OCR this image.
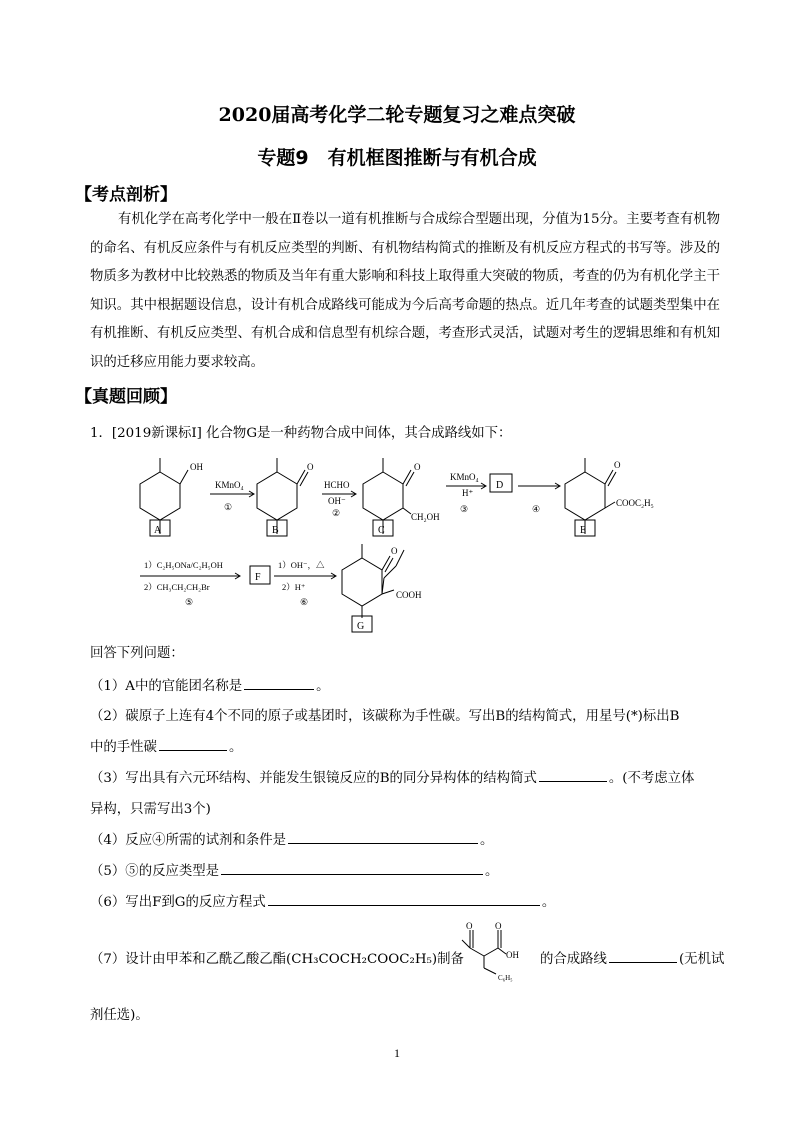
2020届高考化学二轮专题复习之难点突破
专题9　有机框图推断与有机合成
【考点剖析】
有机化学在高考化学中一般在Ⅱ卷以一道有机推断与合成综合型题出现，分值为15分。主要考查有机物的命名、有机反应条件与有机反应类型的判断、有机物结构简式的推断及有机反应方程式的书写等。涉及的物质多为教材中比较熟悉的物质及当年有重大影响和科技上取得重大突破的物质，考查的仍为有机化学主干知识。其中根据题设信息，设计有机合成路线可能成为今后高考命题的热点。近几年考查的试题类型集中在有机推断、有机反应类型、有机合成和信息型有机综合题，考查形式灵活，试题对考生的逻辑思维和有机知识的迁移应用能力要求较高。
【真题回顾】
1．[2019新课标Ⅰ] 化合物G是一种药物合成中间体，其合成路线如下：
OH
A
KMnO₄
①
O
B
HCHO
OH⁻
②
O
CH₂OH
C
KMnO₄
H⁺
③
D
④
O
COOC₂H₅
E
1）C₂H₅ONa/C₂H₅OH
2）CH₃CH₂CH₂Br
⑤
F
1）OH⁻，△
2）H⁺
⑥
O
COOH
G
回答下列问题：
（1）A中的官能团名称是	。
（2）碳原子上连有4个不同的原子或基团时，该碳称为手性碳。写出B的结构简式，用星号(*)标出B
中的手性碳	。
（3）写出具有六元环结构、并能发生银镜反应的B的同分异构体的结构简式	。(不考虑立体
异构，只需写出3个)
（4）反应④所需的试剂和条件是	。
（5）⑤的反应类型是	。
（6）写出F到G的反应方程式	。
（7）设计由甲苯和乙酰乙酸乙酯(CH₃COCH₂COOC₂H₅)制备
O	O
OH
C₆H₅
的合成路线	(无机试
剂任选)。
1
